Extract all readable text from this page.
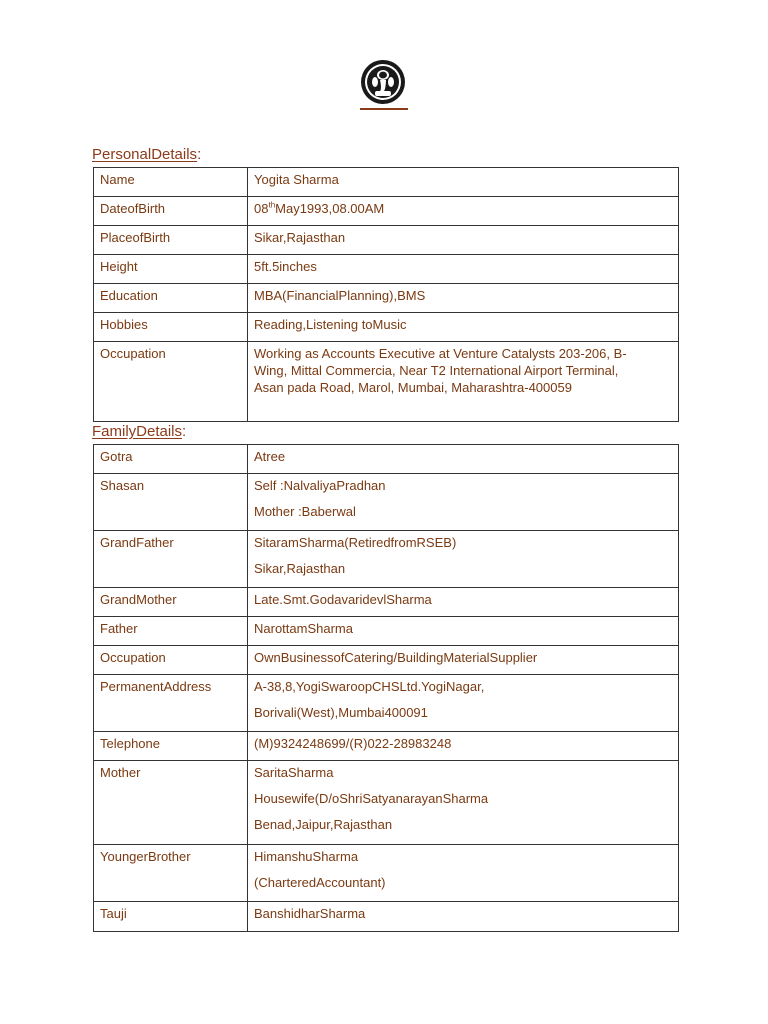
PersonalDetails:
Name	Yogita Sharma
DateofBirth	08thMay1993,08.00AM
PlaceofBirth	Sikar,Rajasthan
Height	5ft.5inches
Education	MBA(FinancialPlanning),BMS
Hobbies	Reading,Listening toMusic
Occupation	Working as Accounts Executive at Venture Catalysts 203-206, B-
Wing, Mittal Commercia, Near T2 International Airport Terminal,
Asan pada Road, Marol, Mumbai, Maharashtra-400059
FamilyDetails:
Gotra	Atree
Shasan	Self :NalvaliyaPradhan
Mother :Baberwal

GrandFather	SitaramSharma(RetiredfromRSEB)
Sikar,Rajasthan

GrandMother	Late.Smt.GodavaridevlSharma
Father	NarottamSharma
Occupation	OwnBusinessofCatering/BuildingMaterialSupplier
PermanentAddress	A-38,8,YogiSwaroopCHSLtd.YogiNagar,
Borivali(West),Mumbai400091

Telephone	(M)9324248699/(R)022-28983248
Mother	SaritaSharma
Housewife(D/oShriSatyanarayanSharma
Benad,Jaipur,Rajasthan

YoungerBrother	HimanshuSharma
(CharteredAccountant)

Tauji	BanshidharSharma
